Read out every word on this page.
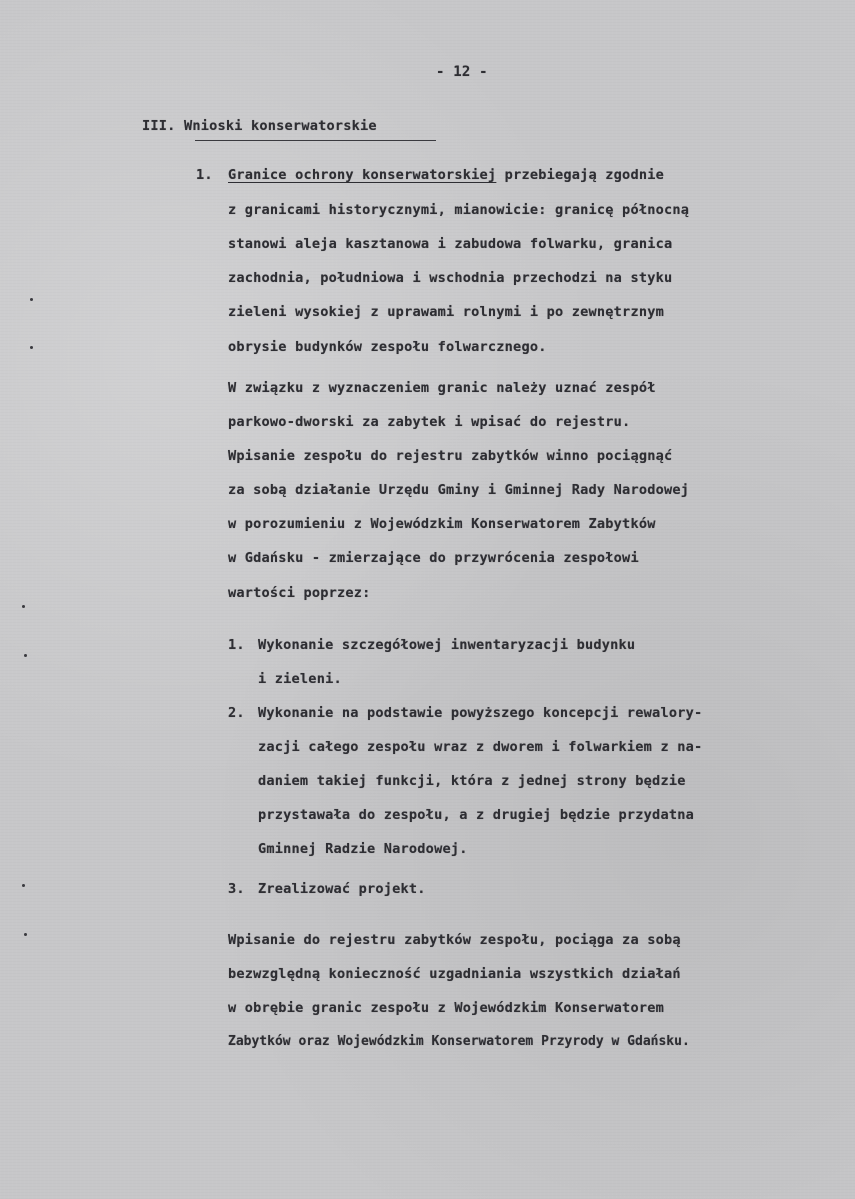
- 12 -
III. Wnioski konserwatorskie
1. Granice ochrony konserwatorskiej przebiegają zgodnie
z granicami historycznymi, mianowicie: granicę północną
stanowi aleja kasztanowa i zabudowa folwarku, granica
zachodnia, południowa i wschodnia przechodzi na styku
zieleni wysokiej z uprawami rolnymi i po zewnętrznym
obrysie budynków zespołu folwarcznego.
W związku z wyznaczeniem granic należy uznać zespół
parkowo-dworski za zabytek i wpisać do rejestru.
Wpisanie zespołu do rejestru zabytków winno pociągnąć
za sobą działanie Urzędu Gminy i Gminnej Rady Narodowej
w porozumieniu z Wojewódzkim Konserwatorem Zabytków
w Gdańsku - zmierzające do przywrócenia zespołowi
wartości poprzez:
1. Wykonanie szczegółowej inwentaryzacji budynku
i zieleni.
2. Wykonanie na podstawie powyższego koncepcji rewalory-
zacji całego zespołu wraz z dworem i folwarkiem z na-
daniem takiej funkcji, która z jednej strony będzie
przystawała do zespołu, a z drugiej będzie przydatna
Gminnej Radzie Narodowej.
3. Zrealizować projekt.
Wpisanie do rejestru zabytków zespołu, pociąga za sobą
bezwzględną konieczność uzgadniania wszystkich działań
w obrębie granic zespołu z Wojewódzkim Konserwatorem
Zabytków oraz Wojewódzkim Konserwatorem Przyrody w Gdańsku.
